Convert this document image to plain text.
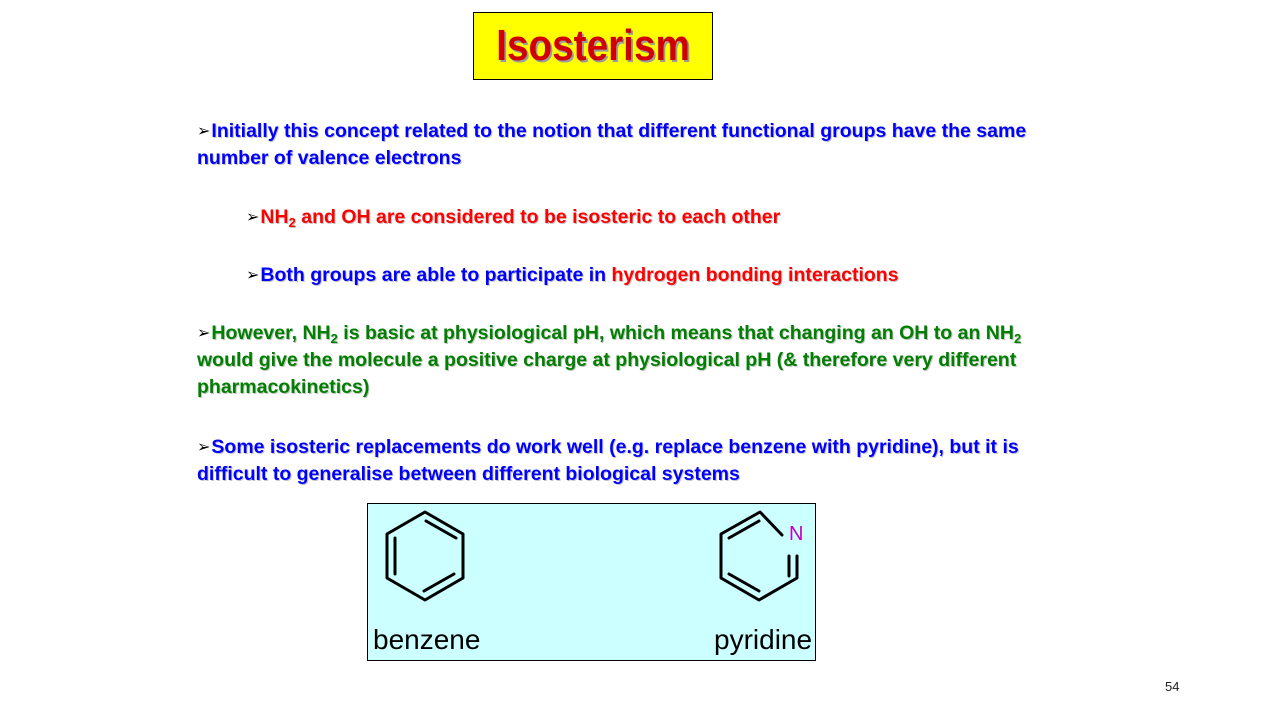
Isosterism

➢Initially this concept related to the notion that different functional groups have the same number of valence electrons

$➢NH_2$ and OH are considered to be isosteric to each other

➢Both groups are able to participate in hydrogen bonding interactions

➢However, $NH_2$ is basic at physiological pH, which means that changing an OH to an $NH_2$ would give the molecule a positive charge at physiological pH (& therefore very different pharmacokinetics)

➢Some isosteric replacements do work well (e.g. replace benzene with pyridine), but it is difficult to generalise between different biological systems

N
benzene	pyridine
54
